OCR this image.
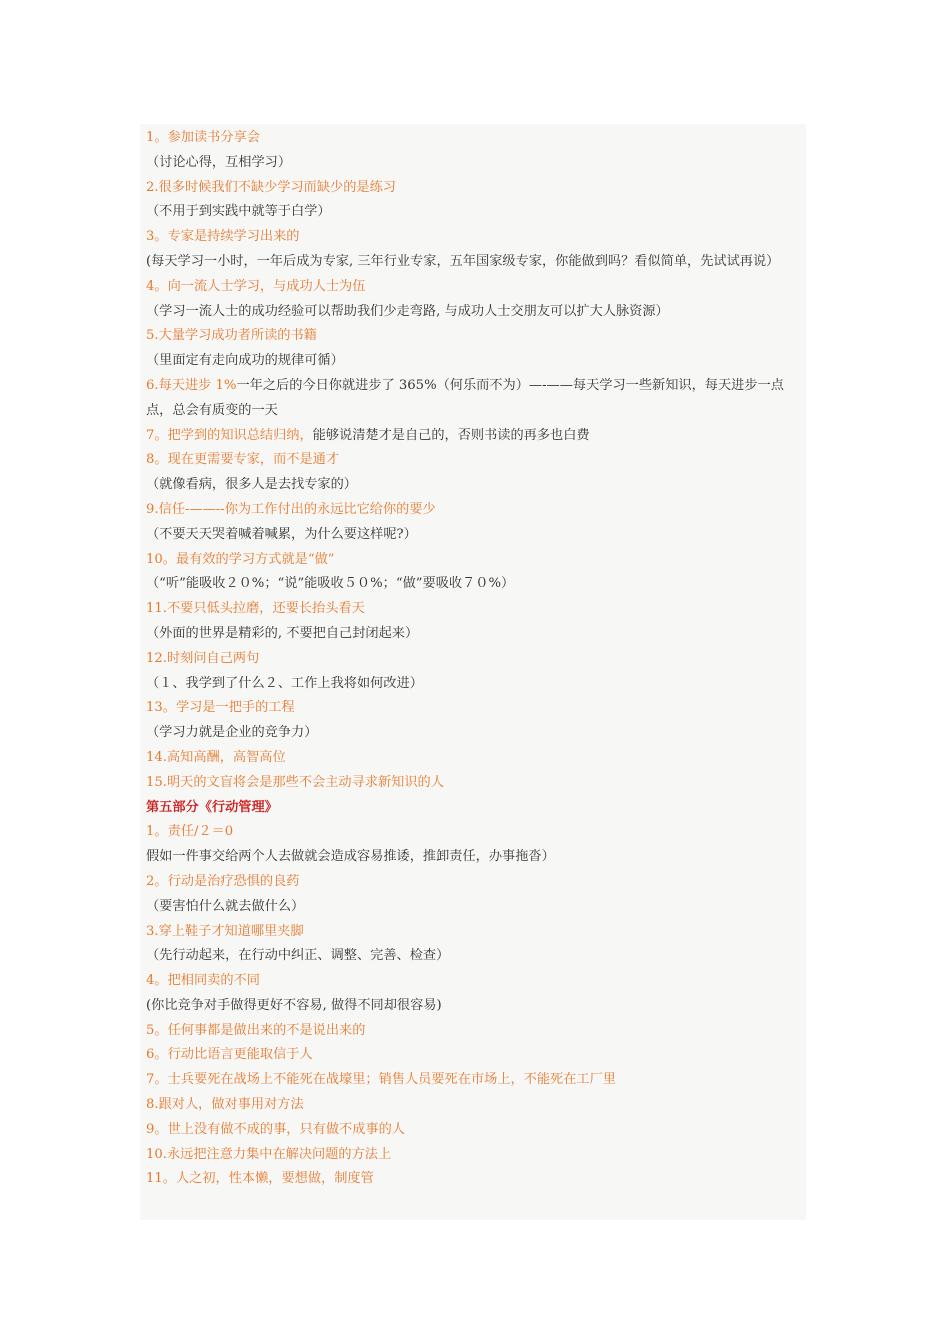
1。参加读书分享会
（讨论心得，互相学习）
2.很多时候我们不缺少学习而缺少的是练习
（不用于到实践中就等于白学）
3。专家是持续学习出来的
(每天学习一小时，一年后成为专家, 三年行业专家，五年国家级专家，你能做到吗？看似简单，先试试再说）
4。向一流人士学习，与成功人士为伍
（学习一流人士的成功经验可以帮助我们少走弯路, 与成功人士交朋友可以扩大人脉资源）
5.大量学习成功者所读的书籍
（里面定有走向成功的规律可循）
6.每天进步 1%一年之后的今日你就进步了 365%（何乐而不为）—-——每天学习一些新知识，每天进步一点点，总会有质变的一天
7。把学到的知识总结归纳，能够说清楚才是自己的，否则书读的再多也白费
8。现在更需要专家，而不是通才
（就像看病，很多人是去找专家的）
9.信任-——--你为工作付出的永远比它给你的要少
（不要天天哭着喊着喊累，为什么要这样呢?）
10。最有效的学习方式就是“做”
（“听”能吸收２０%；“说”能吸收５０%；“做”要吸收７０%）
11.不要只低头拉磨，还要长抬头看天
（外面的世界是精彩的, 不要把自己封闭起来）
12.时刻问自己两句
（１、我学到了什么２、工作上我将如何改进）
13。学习是一把手的工程
（学习力就是企业的竞争力）
14.高知高酬，高智高位
15.明天的文盲将会是那些不会主动寻求新知识的人
第五部分《行动管理》
1。责任/２＝0
假如一件事交给两个人去做就会造成容易推诿，推卸责任，办事拖沓）
2。行动是治疗恐惧的良药
（要害怕什么就去做什么）
3.穿上鞋子才知道哪里夹脚
（先行动起来，在行动中纠正、调整、完善、检查）
4。把相同卖的不同
(你比竞争对手做得更好不容易, 做得不同却很容易)
5。任何事都是做出来的不是说出来的
6。行动比语言更能取信于人
7。士兵要死在战场上不能死在战壕里；销售人员要死在市场上，不能死在工厂里
8.跟对人，做对事用对方法
9。世上没有做不成的事，只有做不成事的人
10.永远把注意力集中在解决问题的方法上
11。人之初，性本懒，要想做，制度管
